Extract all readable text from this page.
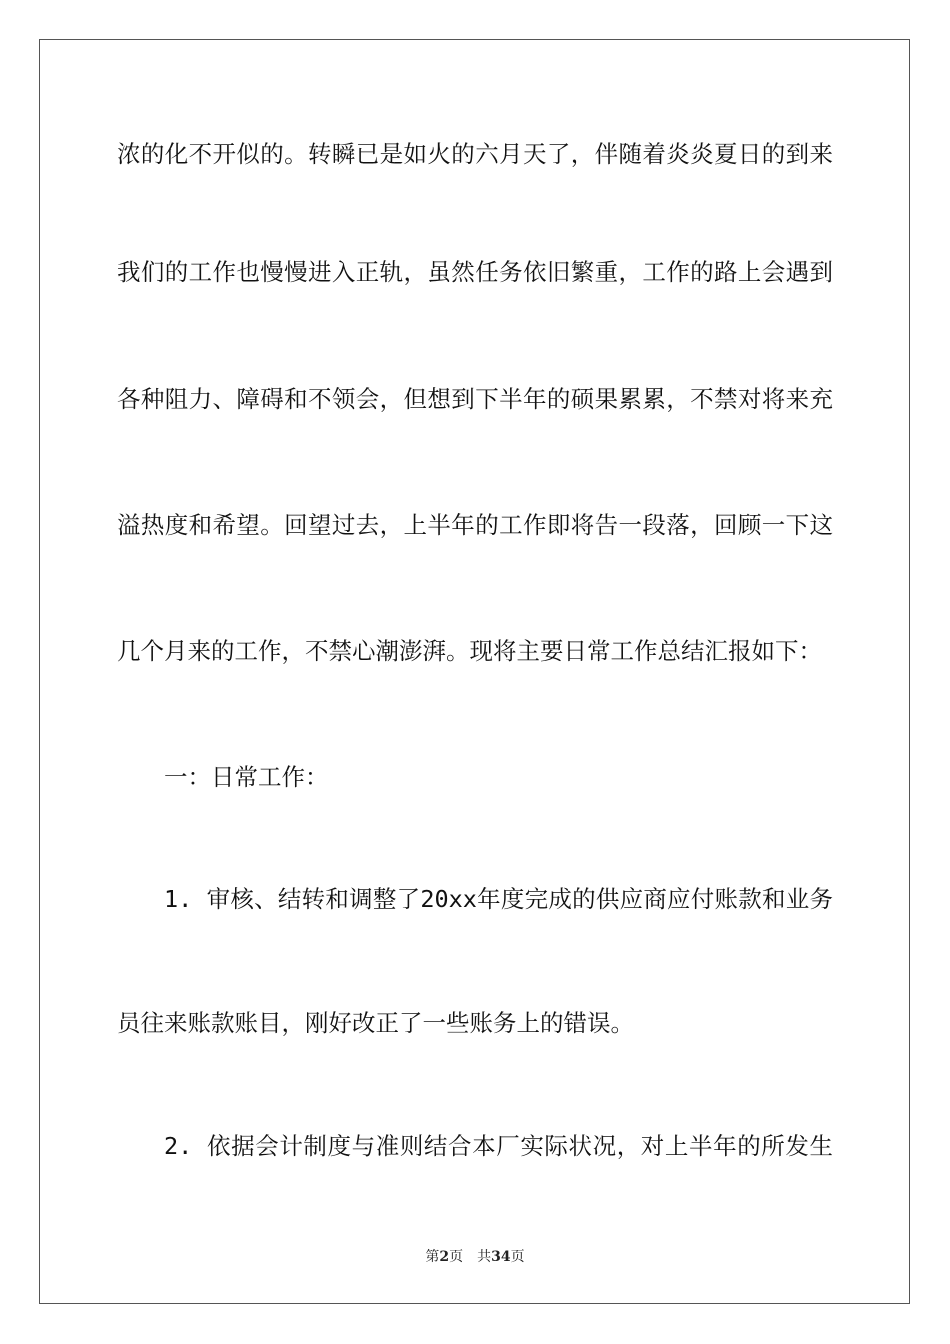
浓的化不开似的。转瞬已是如火的六月天了，伴随着炎炎夏日的到来
我们的工作也慢慢进入正轨，虽然任务依旧繁重，工作的路上会遇到
各种阻力、障碍和不领会，但想到下半年的硕果累累，不禁对将来充
溢热度和希望。回望过去，上半年的工作即将告一段落，回顾一下这
几个月来的工作，不禁心潮澎湃。现将主要日常工作总结汇报如下：
一：日常工作：
1. 审核、结转和调整了20xx年度完成的供应商应付账款和业务
员往来账款账目，刚好改正了一些账务上的错误。
2. 依据会计制度与准则结合本厂实际状况，对上半年的所发生
第2页 共34页
